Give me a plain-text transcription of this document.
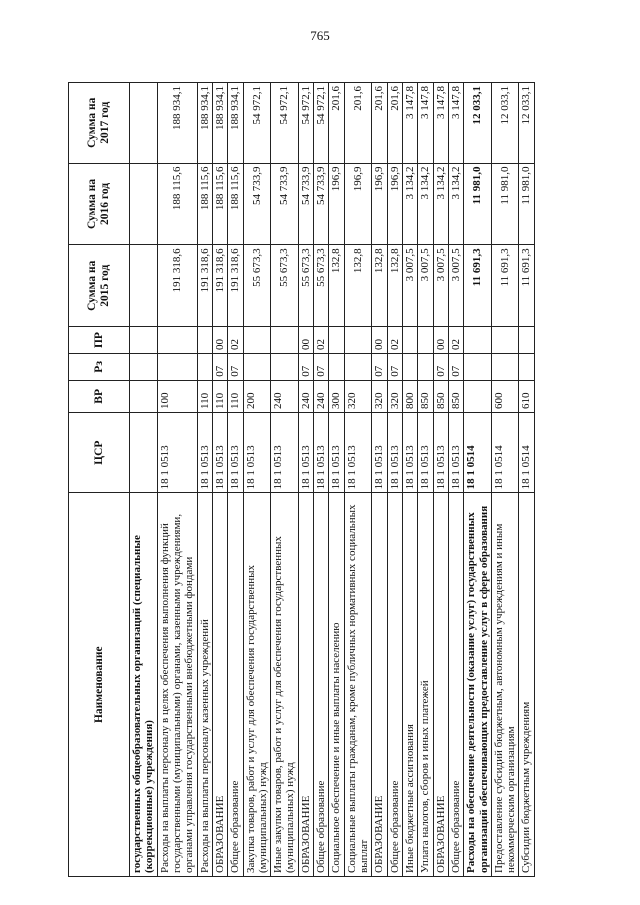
765
Наименование	ЦСР	ВР	Рз	ПР	Сумма на 2015 год	Сумма на 2016 год	Сумма на 2017 год
государственных общеобразовательных организаций (специальные (коррекционные) учреждения)							
Расходы на выплаты персоналу в целях обеспечения выполнения функций государственными (муниципальными) органами, казенными учреждениями, органами управления государственными внебюджетными фондами	18 1 0513	100			191 318,6	188 115,6	188 934,1
Расходы на выплаты персоналу казенных учреждений	18 1 0513	110			191 318,6	188 115,6	188 934,1
ОБРАЗОВАНИЕ	18 1 0513	110	07	00	191 318,6	188 115,6	188 934,1
Общее образование	18 1 0513	110	07	02	191 318,6	188 115,6	188 934,1
Закупка товаров, работ и услуг для обеспечения государственных (муниципальных) нужд	18 1 0513	200			55 673,3	54 733,9	54 972,1
Иные закупки товаров, работ и услуг для обеспечения государственных (муниципальных) нужд	18 1 0513	240			55 673,3	54 733,9	54 972,1
ОБРАЗОВАНИЕ	18 1 0513	240	07	00	55 673,3	54 733,9	54 972,1
Общее образование	18 1 0513	240	07	02	55 673,3	54 733,9	54 972,1
Социальное обеспечение и иные выплаты населению	18 1 0513	300			132,8	196,9	201,6
Социальные выплаты гражданам, кроме публичных нормативных социальных выплат	18 1 0513	320			132,8	196,9	201,6
ОБРАЗОВАНИЕ	18 1 0513	320	07	00	132,8	196,9	201,6
Общее образование	18 1 0513	320	07	02	132,8	196,9	201,6
Иные бюджетные ассигнования	18 1 0513	800			3 007,5	3 134,2	3 147,8
Уплата налогов, сборов и иных платежей	18 1 0513	850			3 007,5	3 134,2	3 147,8
ОБРАЗОВАНИЕ	18 1 0513	850	07	00	3 007,5	3 134,2	3 147,8
Общее образование	18 1 0513	850	07	02	3 007,5	3 134,2	3 147,8
Расходы на обеспечение деятельности (оказание услуг) государственных организаций обеспечивающих предоставление услуг в сфере образования	18 1 0514				11 691,3	11 981,0	12 033,1
Предоставление субсидий бюджетным, автономным учреждениям и иным некоммерческим организациям	18 1 0514	600			11 691,3	11 981,0	12 033,1
Субсидии бюджетным учреждениям	18 1 0514	610			11 691,3	11 981,0	12 033,1
